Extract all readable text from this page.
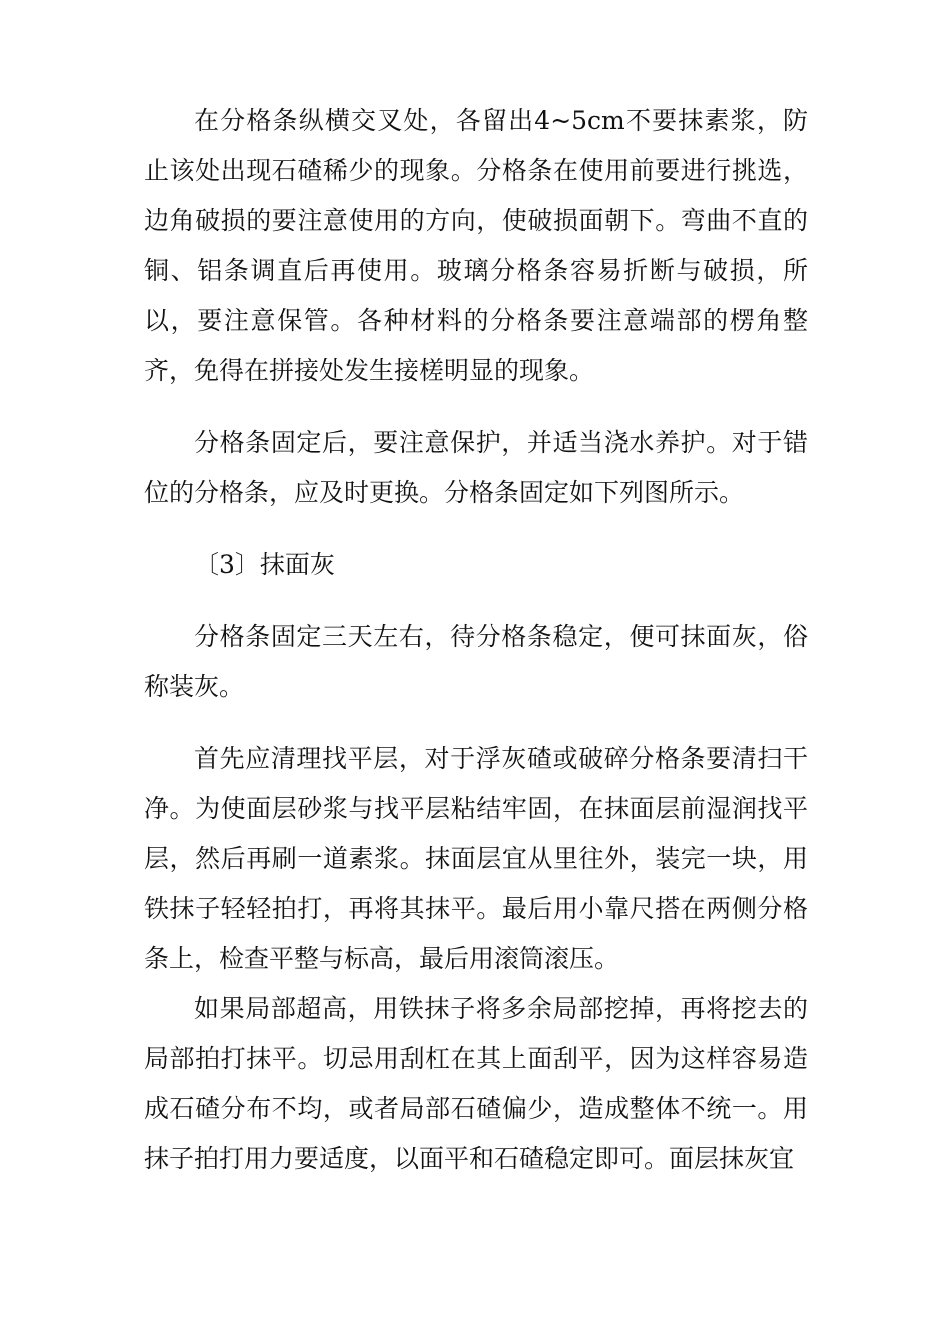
在分格条纵横交叉处，各留出4~5cm不要抹素浆，防止该处出现石碴稀少的现象。分格条在使用前要进行挑选，边角破损的要注意使用的方向，使破损面朝下。弯曲不直的铜、铝条调直后再使用。玻璃分格条容易折断与破损，所以，要注意保管。各种材料的分格条要注意端部的楞角整齐，免得在拼接处发生接槎明显的现象。

分格条固定后，要注意保护，并适当浇水养护。对于错位的分格条，应及时更换。分格条固定如下列图所示。

〔3〕抹面灰

分格条固定三天左右，待分格条稳定，便可抹面灰，俗称装灰。

首先应清理找平层，对于浮灰碴或破碎分格条要清扫干净。为使面层砂浆与找平层粘结牢固，在抹面层前湿润找平层，然后再刷一道素浆。抹面层宜从里往外，装完一块，用铁抹子轻轻拍打，再将其抹平。最后用小靠尺搭在两侧分格条上，检查平整与标高，最后用滚筒滚压。

如果局部超高，用铁抹子将多余局部挖掉，再将挖去的局部拍打抹平。切忌用刮杠在其上面刮平，因为这样容易造成石碴分布不均，或者局部石碴偏少，造成整体不统一。用抹子拍打用力要适度，以面平和石碴稳定即可。面层抹灰宜
